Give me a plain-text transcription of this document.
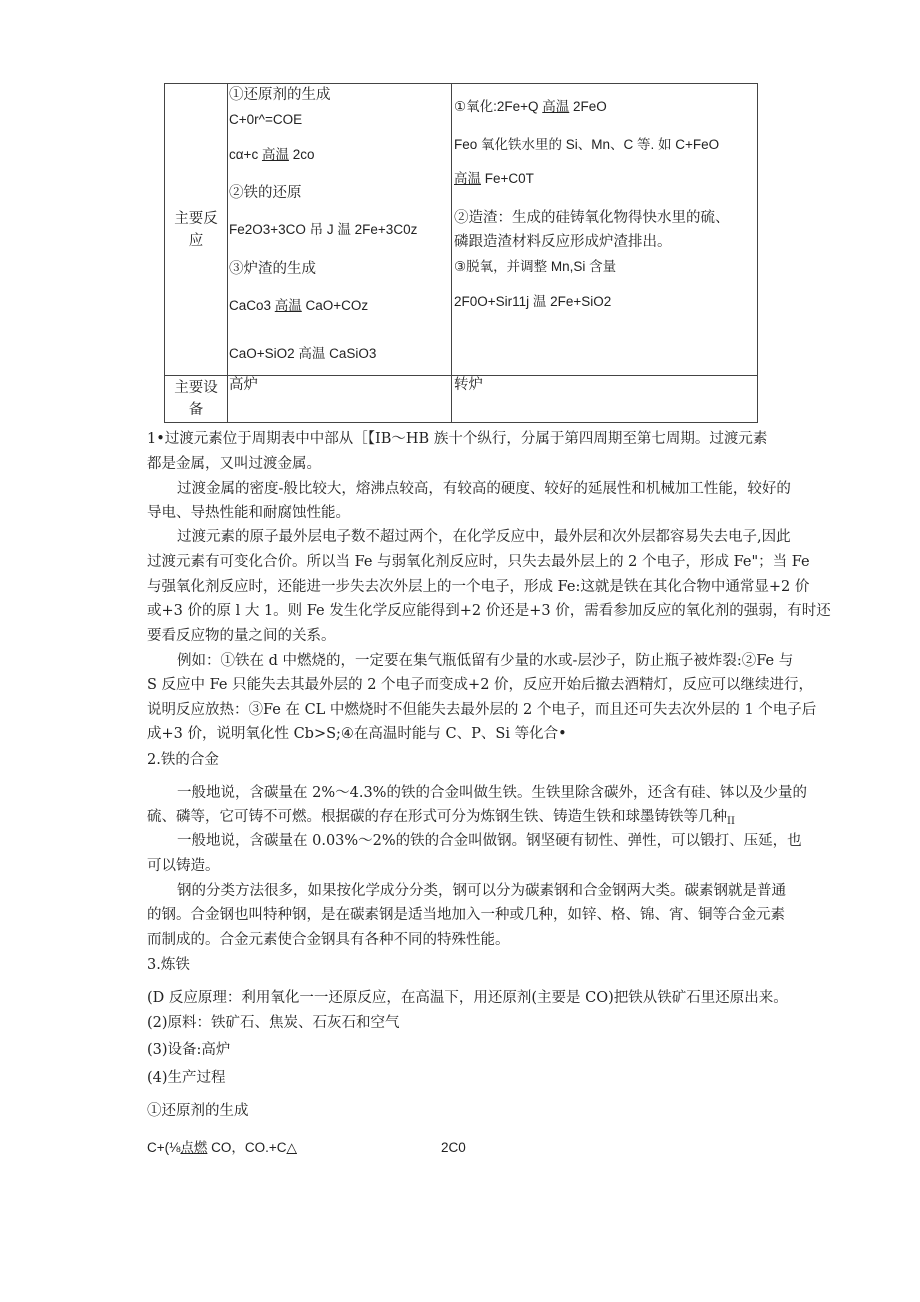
主要反
应
①还原剂的生成
C+0r^=COE
cα+c 高温 2co
②铁的还原
Fe2O3+3CO 吊 J 温 2Fe+3C0z
③炉渣的生成
CaCo3 高温 CaO+COz
CaO+SiO2 高温 CaSiO3
①氧化:2Fe+Q 高温 2FeO
Feo 氧化铁水里的 Si、Mn、C 等. 如 C+FeO
高温 Fe+C0T
②造渣：生成的硅铸氧化物得快水里的硫、
磷跟造渣材料反应形成炉渣排出。
③脱氧，并调整 Mn,Si 含量
2F0O+Sir11j 温 2Fe+SiO2
主要设
备
高炉	转炉
1•过渡元素位于周期表中中部从［【IB～HB 族十个纵行，分属于第四周期至第七周期。过渡元素
都是金属，又叫过渡金属。
过渡金属的密度-般比较大，熔沸点较高，有较高的硬度、较好的延展性和机械加工性能，较好的
导电、导热性能和耐腐蚀性能。
过渡元素的原子最外层电子数不超过两个，在化学反应中，最外层和次外层都容易失去电子,因此
过渡元素有可变化合价。所以当 Fe 与弱氧化剂反应时，只失去最外层上的 2 个电子，形成 Fe"；当 Fe
与强氧化剂反应时，还能进一步失去次外层上的一个电子，形成 Fe:这就是铁在其化合物中通常显+2 价
或+3 价的原 l 大 1。则 Fe 发生化学反应能得到+2 价还是+3 价，需看参加反应的氧化剂的强弱，有时还
要看反应物的量之间的关系。
例如：①铁在 d 中燃烧的，一定要在集气瓶低留有少量的水或-层沙子，防止瓶子被炸裂:②Fe 与
S 反应中 Fe 只能失去其最外层的 2 个电子而变成+2 价，反应开始后撤去酒精灯，反应可以继续进行，
说明反应放热：③Fe 在 CL 中燃烧时不但能失去最外层的 2 个电子，而且还可失去次外层的 1 个电子后
成+3 价，说明氧化性 Cb>S;④在高温时能与 C、P、Si 等化合•
2.铁的合金
一般地说，含碳量在 2%～4.3%的铁的合金叫做生铁。生铁里除含碳外，还含有硅、钵以及少量的
硫、磷等，它可铸不可燃。根据碳的存在形式可分为炼钢生铁、铸造生铁和球墨铸铁等几种$_{II}$
一般地说，含碳量在 0.03%～2%的铁的合金叫做钢。钢坚硬有韧性、弹性，可以锻打、压延，也
可以铸造。
钢的分类方法很多，如果按化学成分分类，钢可以分为碳素钢和合金钢两大类。碳素钢就是普通
的钢。合金钢也叫特种钢，是在碳素钢是适当地加入一种或几种，如锌、格、锦、宵、铜等合金元素
而制成的。合金元素使合金钢具有各种不同的特殊性能。
3.炼铁
(D 反应原理：利用氧化一一还原反应，在高温下，用还原剂(主要是 CO)把铁从铁矿石里还原出来。
(2)原料：铁矿石、焦炭、石灰石和空气
(3)设备:高炉
(4)生产过程
①还原剂的生成
C+(⅛点燃 CO，CO.+C△	2C0
